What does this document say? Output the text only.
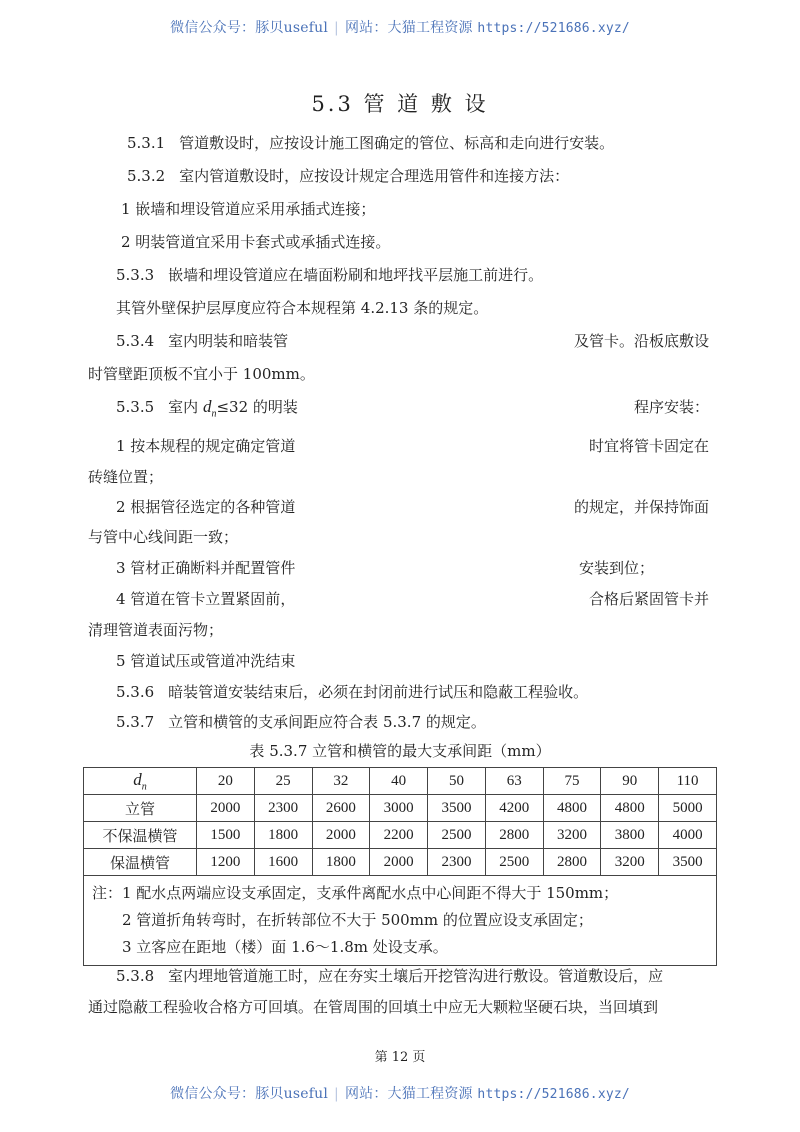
微信公众号：豚贝useful | 网站：大猫工程资源 https://521686.xyz/
5.3 管 道 敷 设
5.3.1 管道敷设时，应按设计施工图确定的管位、标高和走向进行安装。
5.3.2 室内管道敷设时，应按设计规定合理选用管件和连接方法：
1 嵌墙和埋设管道应采用承插式连接；
2 明装管道宜采用卡套式或承插式连接。
5.3.3 嵌墙和埋设管道应在墙面粉刷和地坪找平层施工前进行。
其管外壁保护层厚度应符合本规程第 4.2.13 条的规定。
5.3.4 室内明装和暗装管	及管卡。沿板底敷设
时管壁距顶板不宜小于 100mm。
5.3.5 室内 $d_n\le 32$ 的明装	程序安装：
1 按本规程的规定确定管道	时宜将管卡固定在
砖缝位置；
2 根据管径选定的各种管道	的规定，并保持饰面
与管中心线间距一致；
3 管材正确断料并配置管件	安装到位；
4 管道在管卡立置紧固前，	合格后紧固管卡并
清理管道表面污物；
5 管道试压或管道冲洗结束
5.3.6 暗装管道安装结束后，必须在封闭前进行试压和隐蔽工程验收。
5.3.7 立管和横管的支承间距应符合表 5.3.7 的规定。
表 5.3.7 立管和横管的最大支承间距（mm）
$d_n$	20	25	32	40	50	63	75	90	110
立管	2000	2300	2600	3000	3500	4200	4800	4800	5000
不保温横管	1500	1800	2000	2200	2500	2800	3200	3800	4000
保温横管	1200	1600	1800	2000	2300	2500	2800	3200	3500

注：1 配水点两端应设支承固定，支承件离配水点中心间距不得大于 150mm；
2 管道折角转弯时，在折转部位不大于 500mm 的位置应设支承固定；
3 立客应在距地（楼）面 1.6～1.8m 处设支承。									
5.3.8 室内埋地管道施工时，应在夯实土壤后开挖管沟进行敷设。管道敷设后，应
通过隐蔽工程验收合格方可回填。在管周围的回填土中应无大颗粒坚硬石块，当回填到
第 12 页
微信公众号：豚贝useful | 网站：大猫工程资源 https://521686.xyz/
